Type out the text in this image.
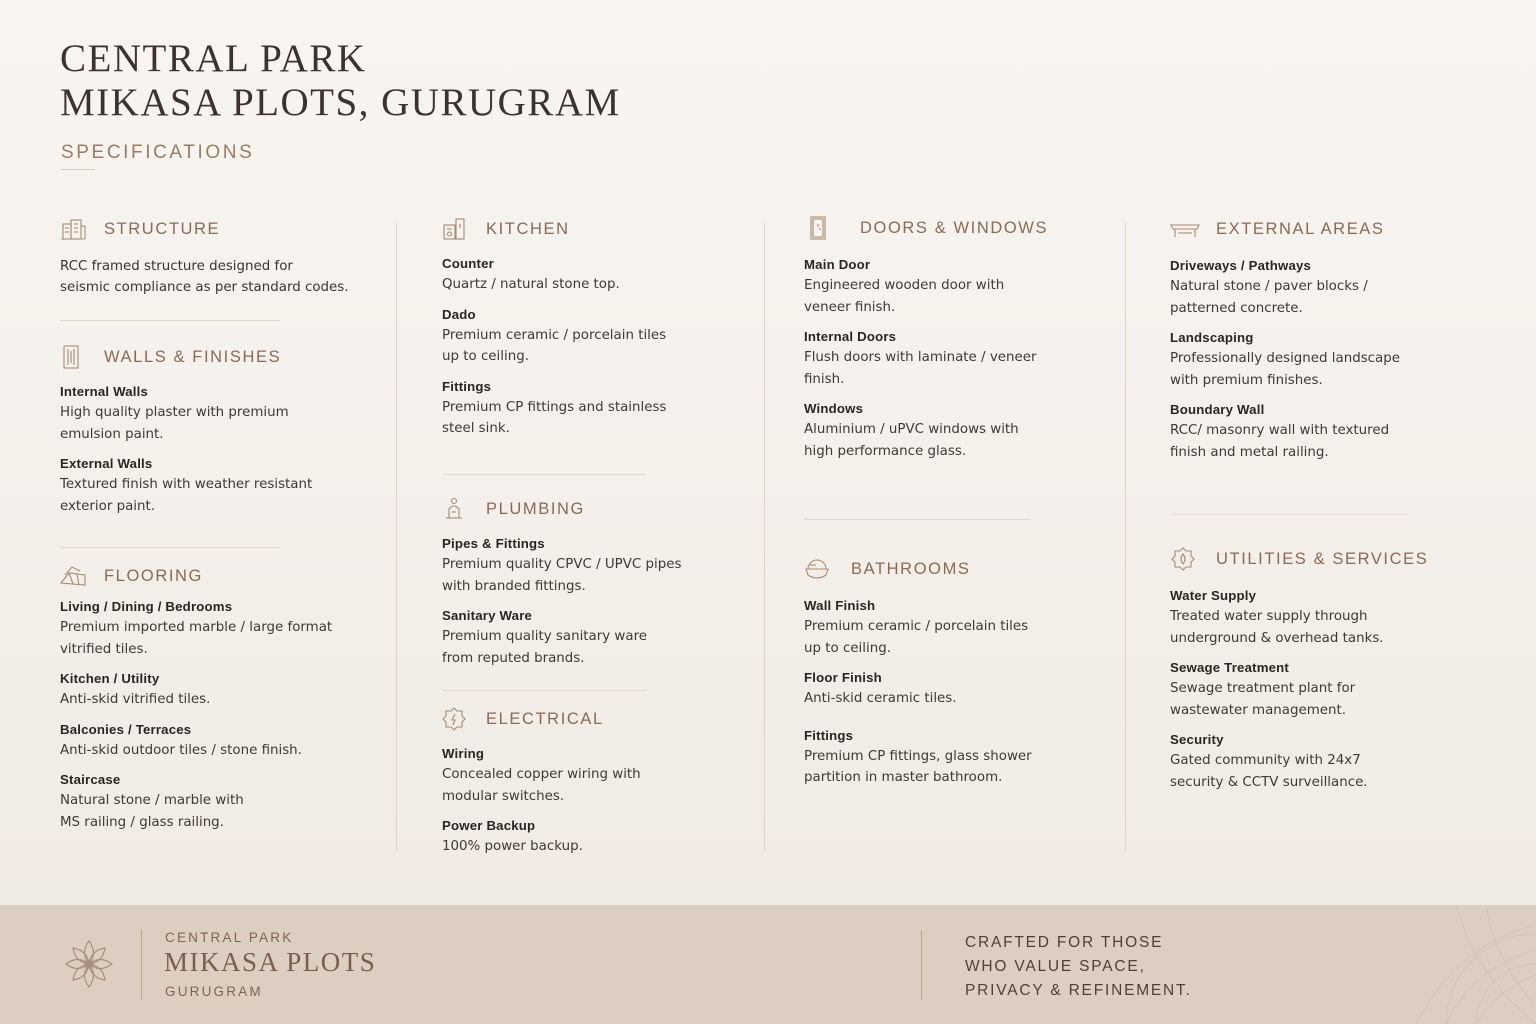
CENTRAL PARK
MIKASA PLOTS, GURUGRAM
SPECIFICATIONS
STRUCTURE
RCC framed structure designed for
seismic compliance as per standard codes.
WALLS & FINISHES
Internal Walls
High quality plaster with premium
emulsion paint.
External Walls
Textured finish with weather resistant
exterior paint.
FLOORING
Living / Dining / Bedrooms
Premium imported marble / large format
vitrified tiles.
Kitchen / Utility
Anti-skid vitrified tiles.
Balconies / Terraces
Anti-skid outdoor tiles / stone finish.
Staircase
Natural stone / marble with
MS railing / glass railing.
KITCHEN
Counter
Quartz / natural stone top.
Dado
Premium ceramic / porcelain tiles
up to ceiling.
Fittings
Premium CP fittings and stainless
steel sink.
PLUMBING
Pipes & Fittings
Premium quality CPVC / UPVC pipes
with branded fittings.
Sanitary Ware
Premium quality sanitary ware
from reputed brands.
ELECTRICAL
Wiring
Concealed copper wiring with
modular switches.
Power Backup
100% power backup.
DOORS & WINDOWS
Main Door
Engineered wooden door with
veneer finish.
Internal Doors
Flush doors with laminate / veneer
finish.
Windows
Aluminium / uPVC windows with
high performance glass.
BATHROOMS
Wall Finish
Premium ceramic / porcelain tiles
up to ceiling.
Floor Finish
Anti-skid ceramic tiles.
Fittings
Premium CP fittings, glass shower
partition in master bathroom.
EXTERNAL AREAS
Driveways / Pathways
Natural stone / paver blocks /
patterned concrete.
Landscaping
Professionally designed landscape
with premium finishes.
Boundary Wall
RCC/ masonry wall with textured
finish and metal railing.
UTILITIES & SERVICES
Water Supply
Treated water supply through
underground & overhead tanks.
Sewage Treatment
Sewage treatment plant for
wastewater management.
Security
Gated community with 24x7
security & CCTV surveillance.
CENTRAL PARK
MIKASA PLOTS
GURUGRAM
CRAFTED FOR THOSE
WHO VALUE SPACE,
PRIVACY & REFINEMENT.
